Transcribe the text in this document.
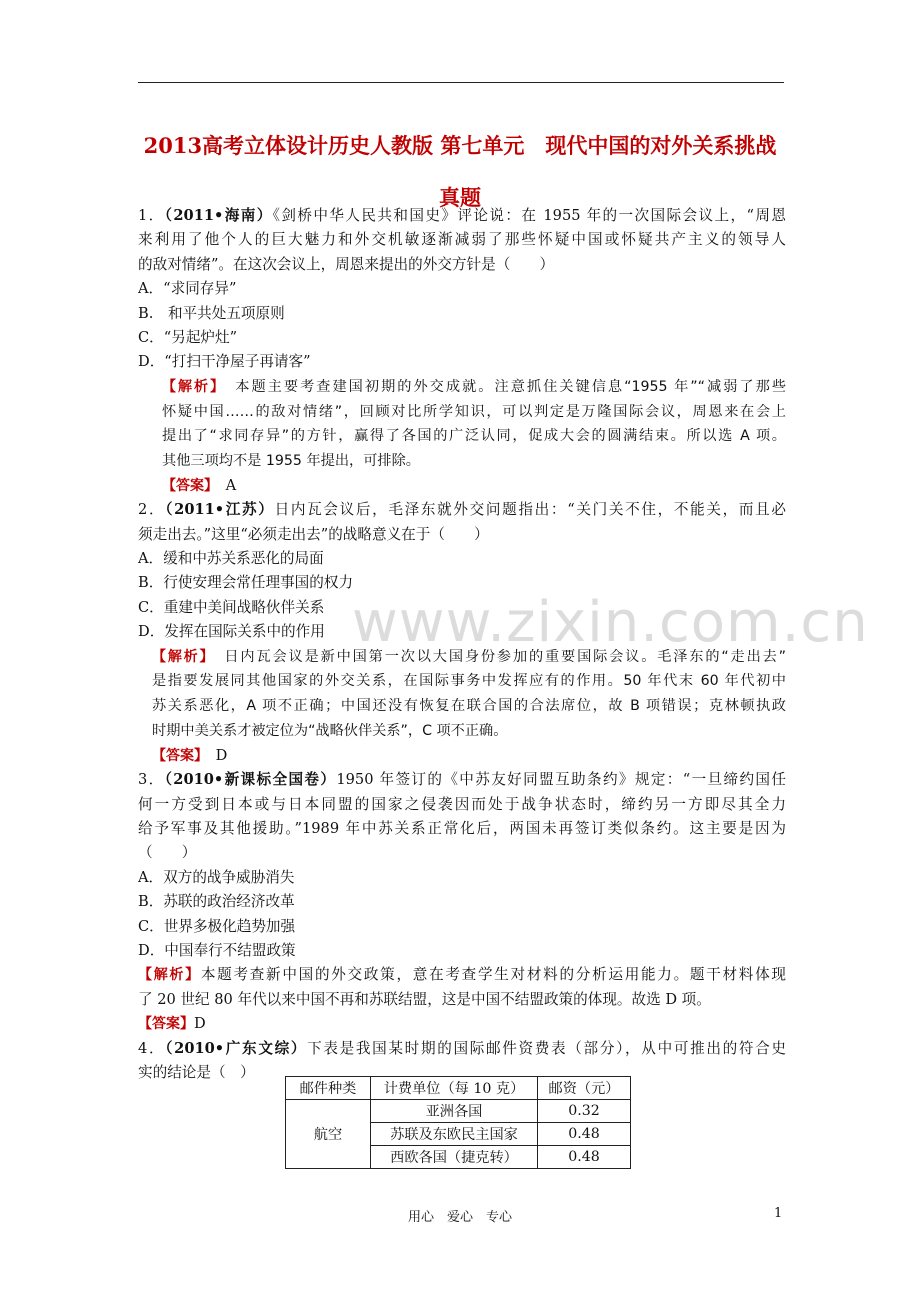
2013高考立体设计历史人教版 第七单元　现代中国的对外关系挑战
真题
www.zixin.com.cn
1．（2011•海南）《剑桥中华人民共和国史》评论说：在 1955 年的一次国际会议上，“周恩
来利用了他个人的巨大魅力和外交机敏逐渐减弱了那些怀疑中国或怀疑共产主义的领导人
的敌对情绪”。在这次会议上，周恩来提出的外交方针是（　　）
A．“求同存异”
B.　和平共处五项原则
C．“另起炉灶”
D．“打扫干净屋子再请客”
【解析】　本题主要考查建国初期的外交成就。注意抓住关键信息“1955 年”“减弱了那些
怀疑中国……的敌对情绪”，回顾对比所学知识，可以判定是万隆国际会议，周恩来在会上
提出了“求同存异”的方针，赢得了各国的广泛认同，促成大会的圆满结束。所以选 A 项。
其他三项均不是 1955 年提出，可排除。
【答案】　A
2．（2011•江苏）日内瓦会议后，毛泽东就外交问题指出：“关门关不住，不能关，而且必
须走出去。”这里“必须走出去”的战略意义在于（　　）
A．缓和中苏关系恶化的局面
B．行使安理会常任理事国的权力
C．重建中美间战略伙伴关系
D．发挥在国际关系中的作用
【解析】　日内瓦会议是新中国第一次以大国身份参加的重要国际会议。毛泽东的“走出去”
是指要发展同其他国家的外交关系，在国际事务中发挥应有的作用。50 年代末 60 年代初中
苏关系恶化，A 项不正确；中国还没有恢复在联合国的合法席位，故 B 项错误；克林顿执政
时期中美关系才被定位为“战略伙伴关系”，C 项不正确。
【答案】　D
3．（2010•新课标全国卷）1950 年签订的《中苏友好同盟互助条约》规定：“一旦缔约国任
何一方受到日本或与日本同盟的国家之侵袭因而处于战争状态时，缔约另一方即尽其全力
给予军事及其他援助。”1989 年中苏关系正常化后，两国未再签订类似条约。这主要是因为
（　　）
A．双方的战争威胁消失
B．苏联的政治经济改革
C．世界多极化趋势加强
D．中国奉行不结盟政策
【解析】本题考查新中国的外交政策，意在考查学生对材料的分析运用能力。题干材料体现
了 20 世纪 80 年代以来中国不再和苏联结盟，这是中国不结盟政策的体现。故选 D 项。
【答案】D
4．（2010•广东文综）下表是我国某时期的国际邮件资费表（部分），从中可推出的符合史
实的结论是（　）
邮件种类	计费单位（每 10 克）	邮资（元）
航空	亚洲各国	0.32
	苏联及东欧民主国家	0.48
	西欧各国（捷克转）	0.48
用心　爱心　专心	1
